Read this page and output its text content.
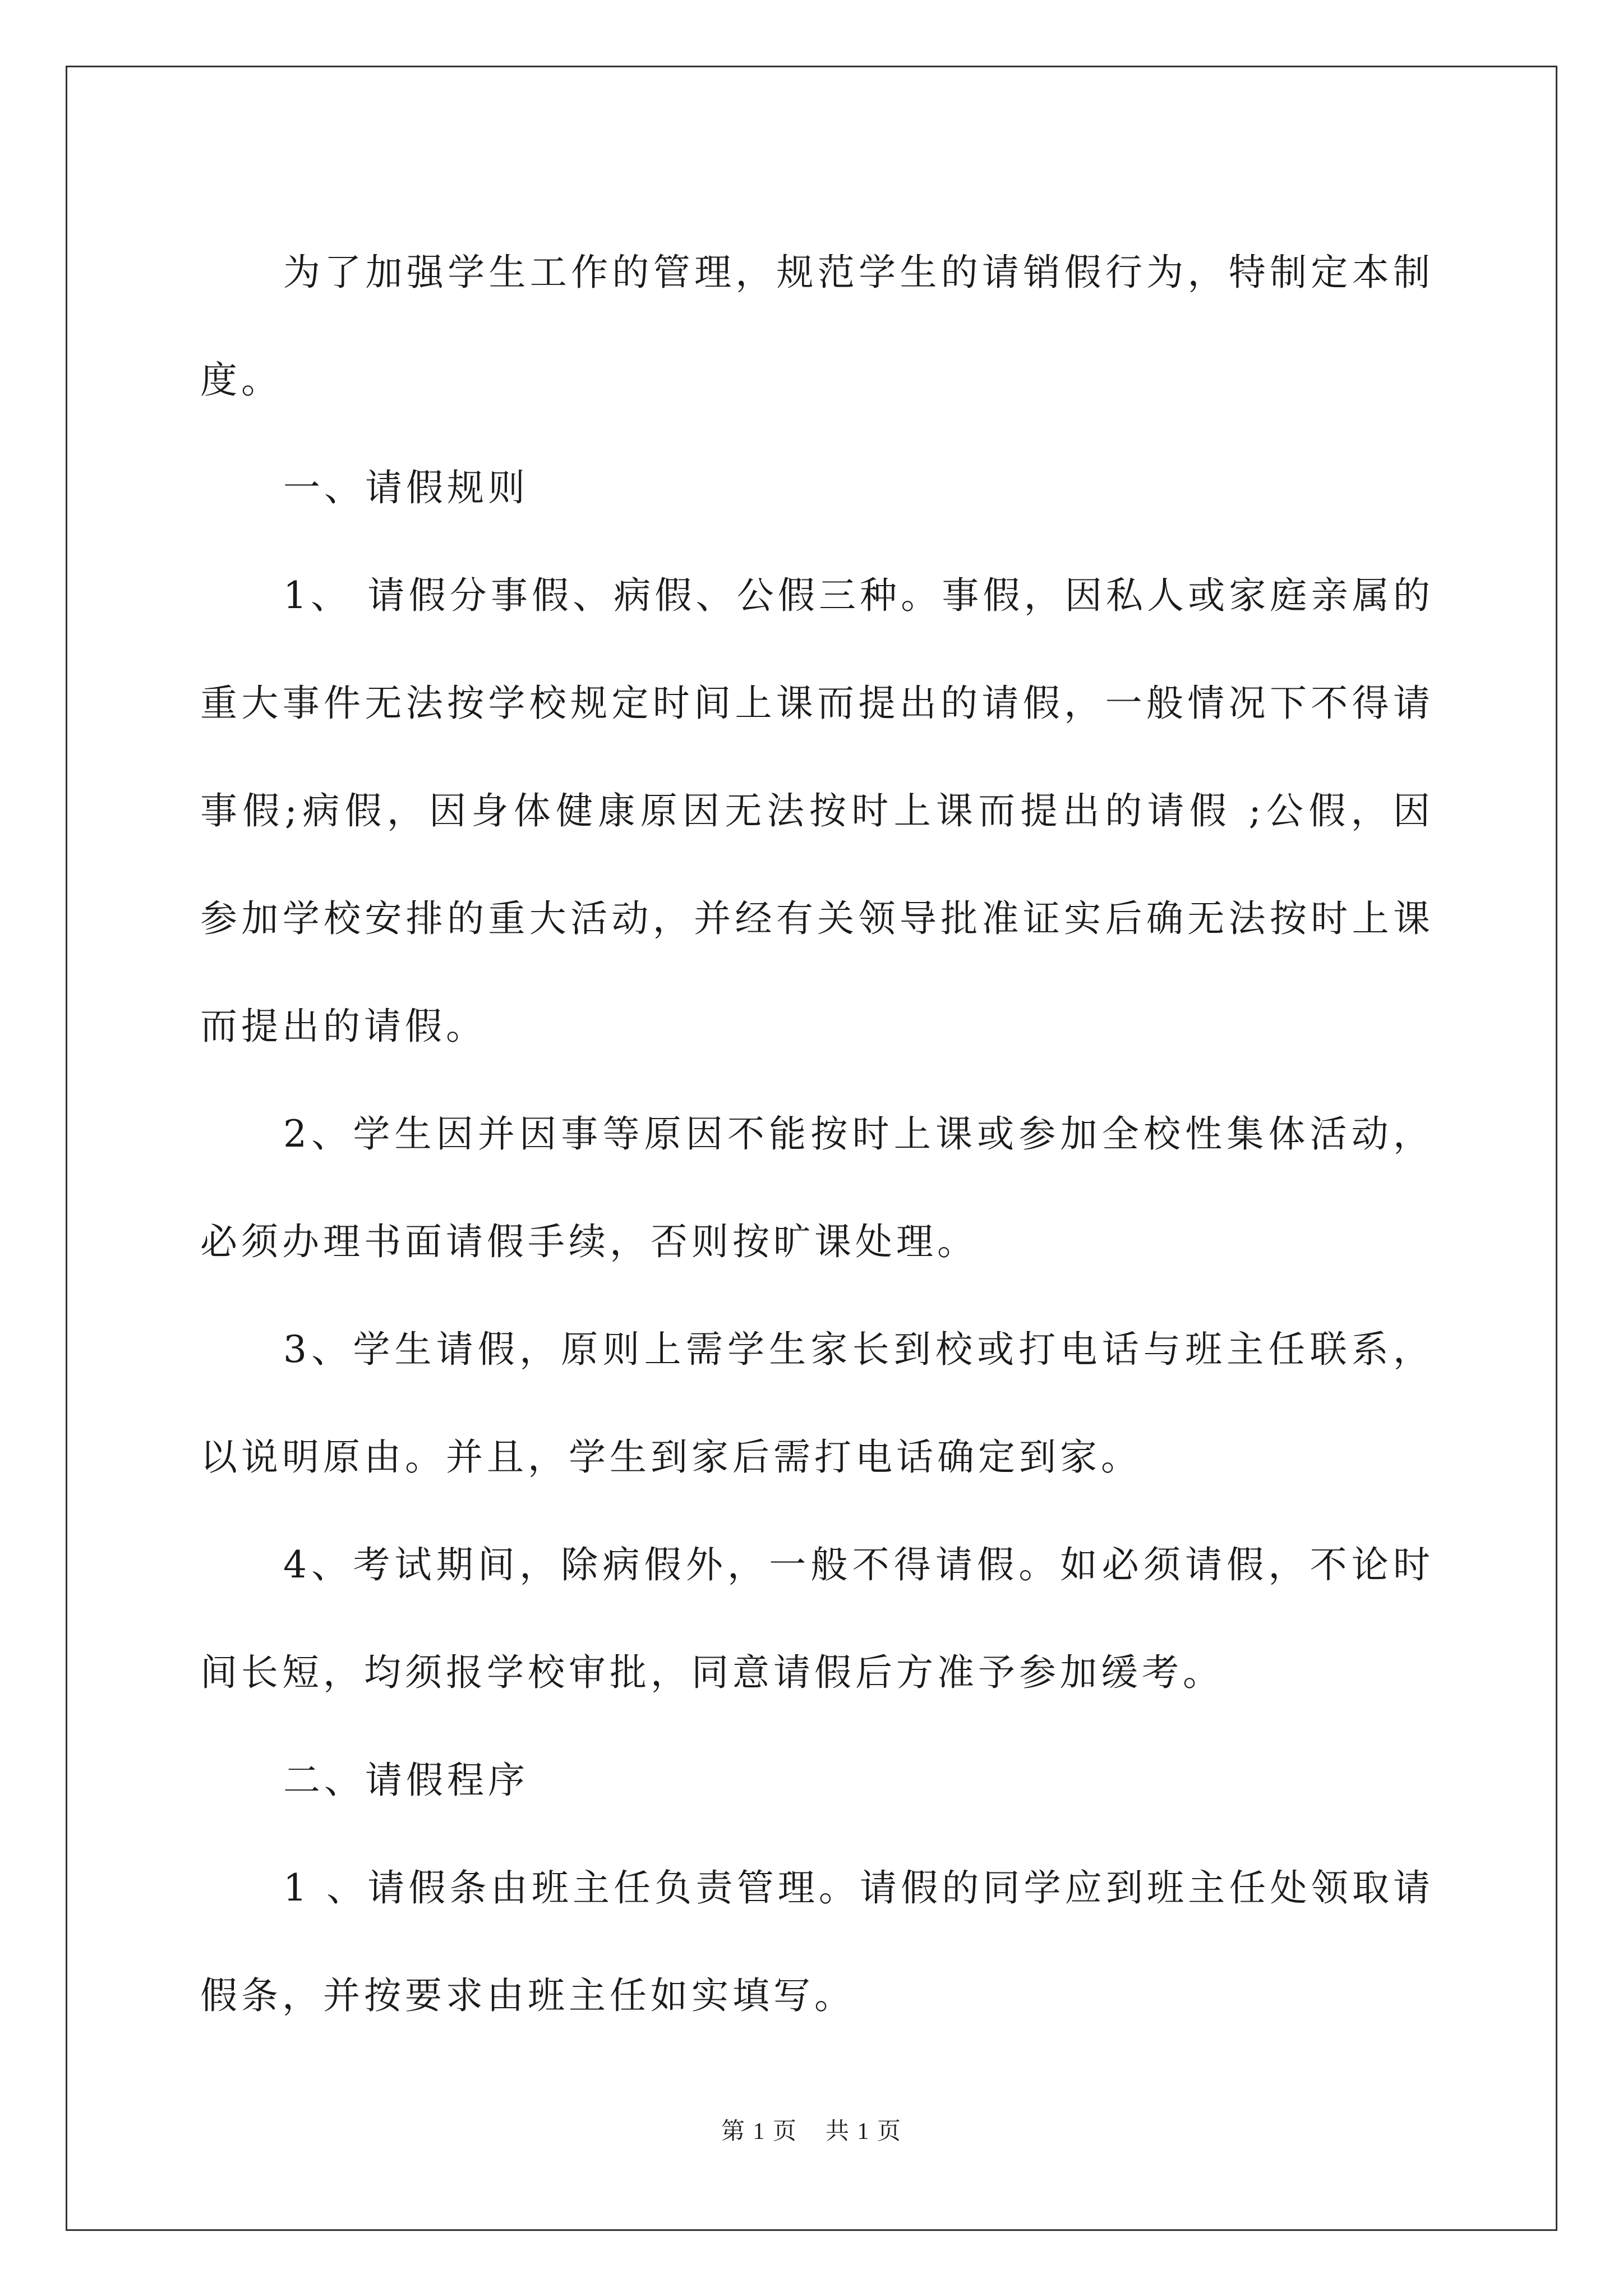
为了加强学生工作的管理，规范学生的请销假行为，特制定本制度。

一、请假规则

1、 请假分事假、病假、公假三种。事假，因私人或家庭亲属的重大事件无法按学校规定时间上课而提出的请假，一般情况下不得请事假;病假，因身体健康原因无法按时上课而提出的请假 ;公假，因参加学校安排的重大活动，并经有关领导批准证实后确无法按时上课而提出的请假。

2、学生因并因事等原因不能按时上课或参加全校性集体活动，必须办理书面请假手续，否则按旷课处理。

3、学生请假，原则上需学生家长到校或打电话与班主任联系，以说明原由。并且，学生到家后需打电话确定到家。

4、考试期间，除病假外，一般不得请假。如必须请假，不论时间长短，均须报学校审批，同意请假后方准予参加缓考。

二、请假程序

1 、请假条由班主任负责管理。请假的同学应到班主任处领取请假条，并按要求由班主任如实填写。

第 1 页 共 1 页
